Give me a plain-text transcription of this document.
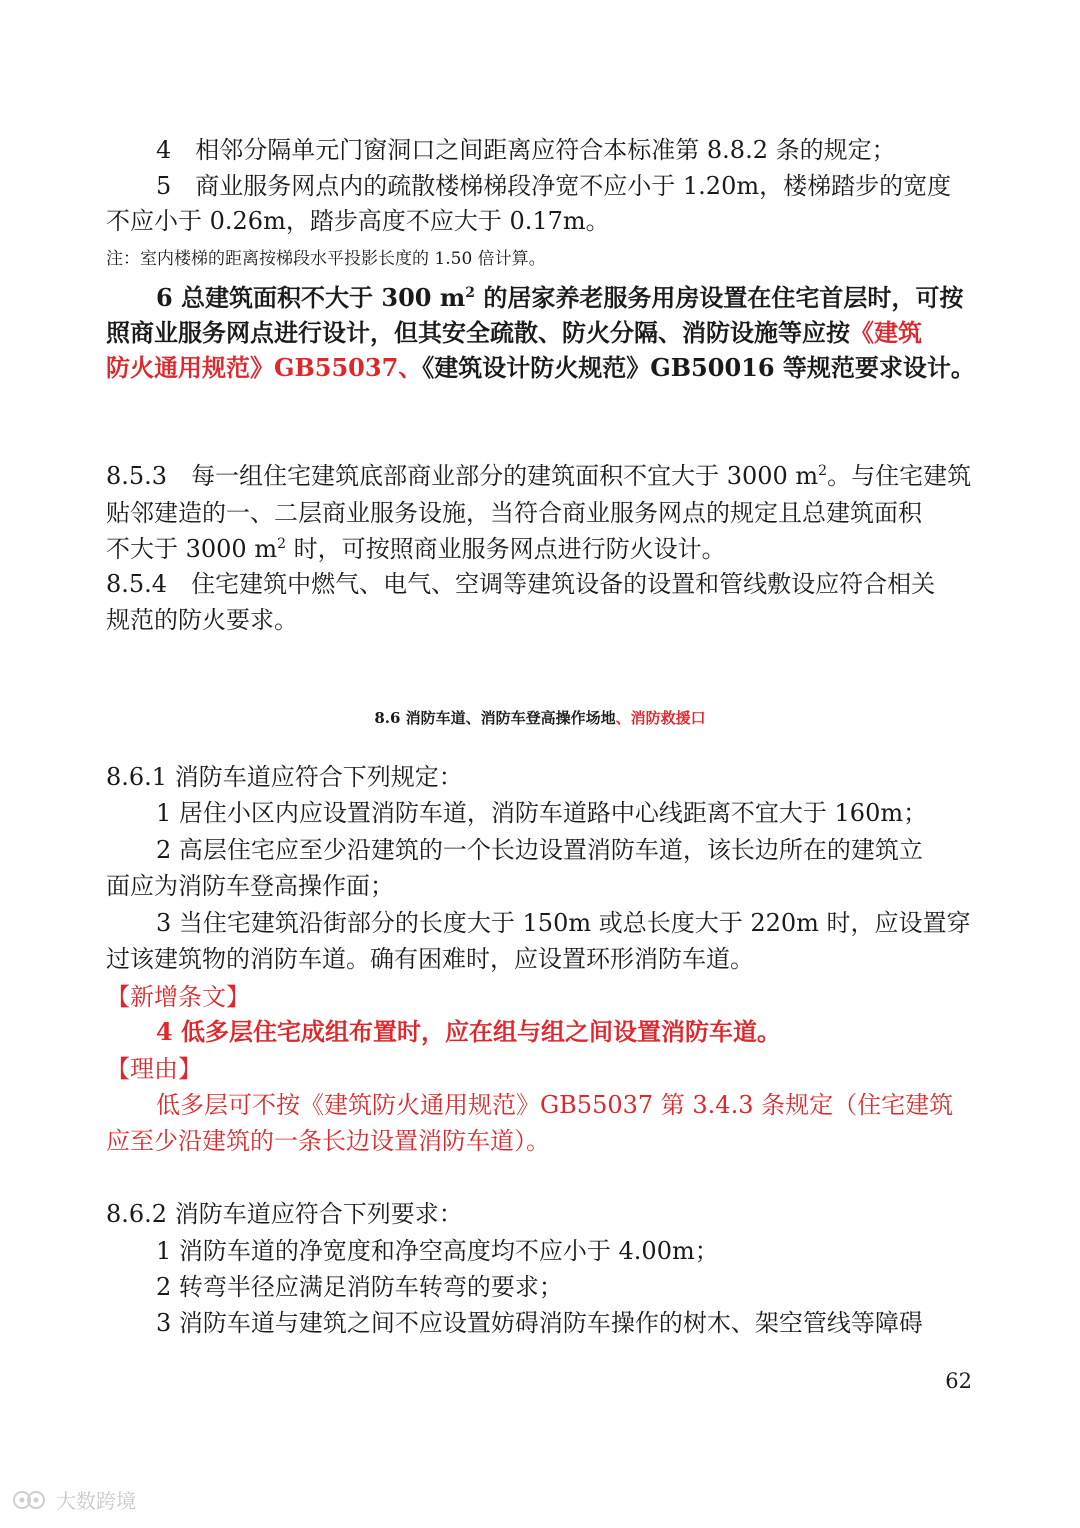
4　相邻分隔单元门窗洞口之间距离应符合本标准第 8.8.2 条的规定；
5　商业服务网点内的疏散楼梯梯段净宽不应小于 1.20m，楼梯踏步的宽度
不应小于 0.26m，踏步高度不应大于 0.17m。
注：室内楼梯的距离按梯段水平投影长度的 1.50 倍计算。
6 总建筑面积不大于 300 $m^2$ 的居家养老服务用房设置在住宅首层时，可按
照商业服务网点进行设计，但其安全疏散、防火分隔、消防设施等应按《建筑
防火通用规范》GB55037、《建筑设计防火规范》GB50016 等规范要求设计。
8.5.3　每一组住宅建筑底部商业部分的建筑面积不宜大于 3000 $m^2$。与住宅建筑
贴邻建造的一、二层商业服务设施，当符合商业服务网点的规定且总建筑面积
不大于 3000 $m^2$ 时，可按照商业服务网点进行防火设计。
8.5.4　住宅建筑中燃气、电气、空调等建筑设备的设置和管线敷设应符合相关
规范的防火要求。
8.6 消防车道、消防车登高操作场地、消防救援口
8.6.1 消防车道应符合下列规定：
1 居住小区内应设置消防车道，消防车道路中心线距离不宜大于 160m；
2 高层住宅应至少沿建筑的一个长边设置消防车道，该长边所在的建筑立
面应为消防车登高操作面；
3 当住宅建筑沿街部分的长度大于 150m 或总长度大于 220m 时，应设置穿
过该建筑物的消防车道。确有困难时，应设置环形消防车道。
【新增条文】
4 低多层住宅成组布置时，应在组与组之间设置消防车道。
【理由】
低多层可不按《建筑防火通用规范》GB55037 第 3.4.3 条规定（住宅建筑
应至少沿建筑的一条长边设置消防车道）。
8.6.2 消防车道应符合下列要求：
1 消防车道的净宽度和净空高度均不应小于 4.00m；
2 转弯半径应满足消防车转弯的要求；
3 消防车道与建筑之间不应设置妨碍消防车操作的树木、架空管线等障碍
62
大数跨境
